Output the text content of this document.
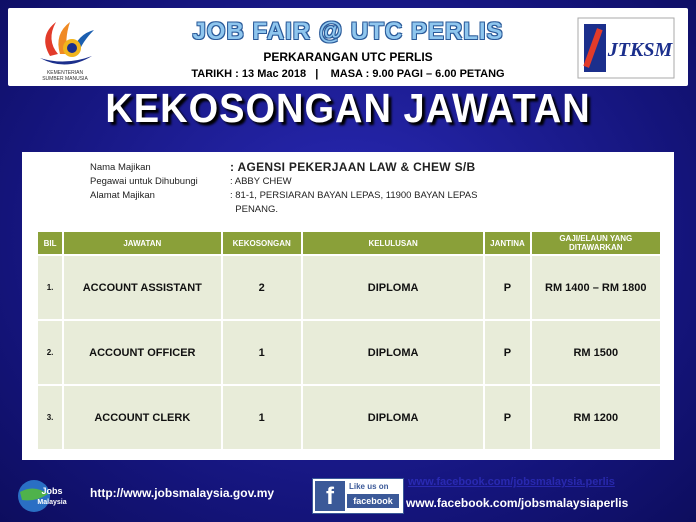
KEMENTERIAN
SUMBER MANUSIA
JOB FAIR @ UTC PERLIS
PERKARANGAN UTC PERLIS
TARIKH : 13 Mac 2018   |    MASA : 9.00 PAGI – 6.00 PETANG
JTKSM
KEKOSONGAN JAWATAN
Nama Majikan	: AGENSI PEKERJAAN LAW & CHEW S/B
Pegawai untuk Dihubungi	: ABBY CHEW
Alamat Majikan	: 81-1, PERSIARAN BAYAN LEPAS, 11900 BAYAN LEPAS
PENANG.
BIL	JAWATAN	KEKOSONGAN	KELULUSAN	JANTINA	GAJI/ELAUN YANG DITAWARKAN
1.	ACCOUNT ASSISTANT	2	DIPLOMA	P	RM 1400 – RM 1800
2.	ACCOUNT OFFICER	1	DIPLOMA	P	RM 1500
3.	ACCOUNT CLERK	1	DIPLOMA	P	RM 1200
Jobs
Malaysia
http://www.jobsmalaysia.gov.my	f	Like us on
facebook
www.facebook.com/jobsmalaysia.perlis
www.facebook.com/jobsmalaysiaperlis
